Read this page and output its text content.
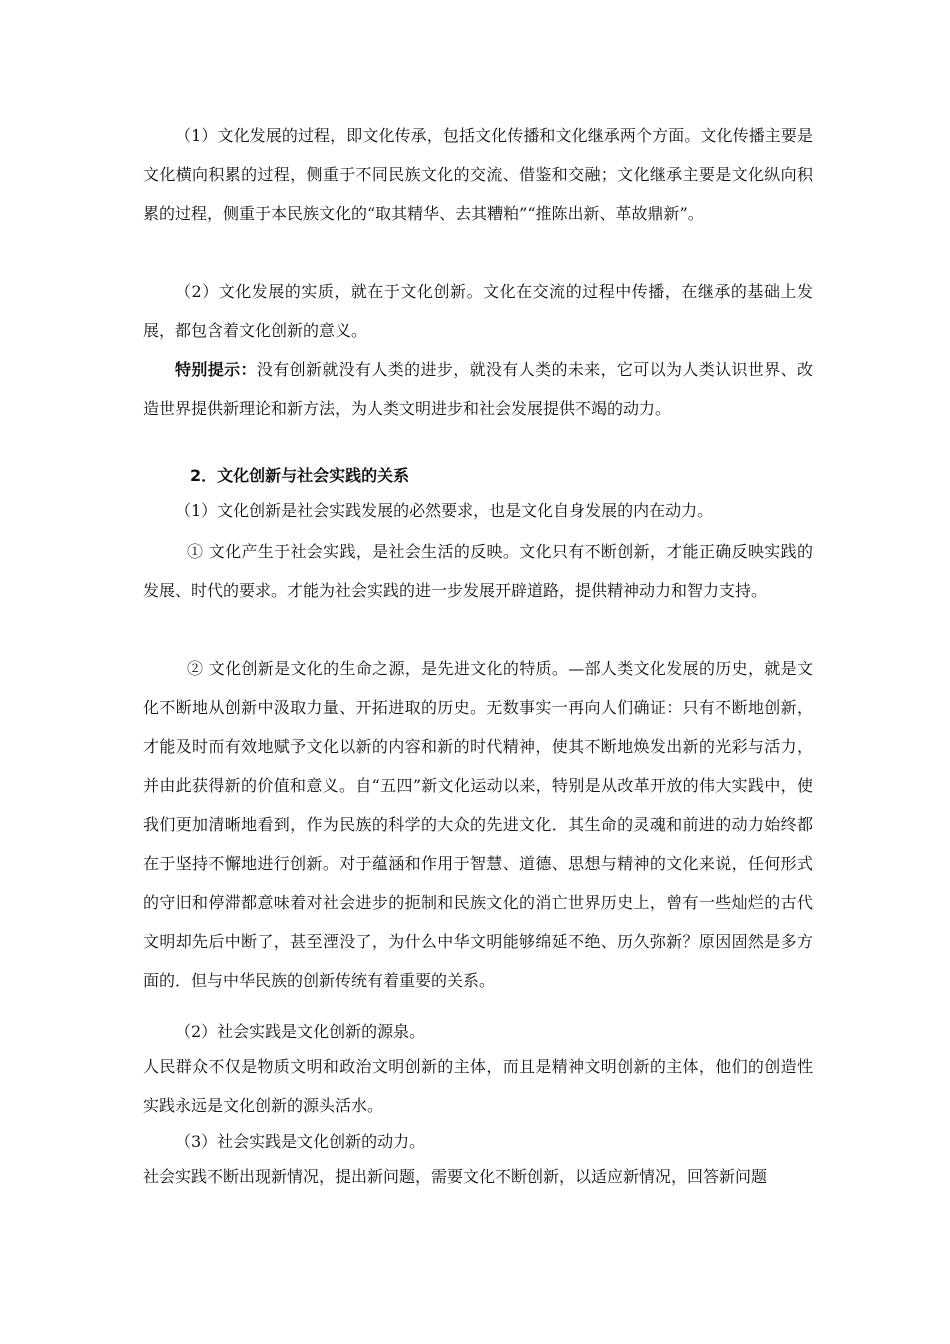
（1）文化发展的过程，即文化传承，包括文化传播和文化继承两个方面。文化传播主要是文化横向积累的过程，侧重于不同民族文化的交流、借鉴和交融；文化继承主要是文化纵向积累的过程，侧重于本民族文化的“取其精华、去其糟粕”“推陈出新、革故鼎新”。

（2）文化发展的实质，就在于文化创新。文化在交流的过程中传播，在继承的基础上发展，都包含着文化创新的意义。

特别提示：没有创新就没有人类的进步，就没有人类的未来，它可以为人类认识世界、改造世界提供新理论和新方法，为人类文明进步和社会发展提供不竭的动力。

2．文化创新与社会实践的关系

（1）文化创新是社会实践发展的必然要求，也是文化自身发展的内在动力。

① 文化产生于社会实践，是社会生活的反映。文化只有不断创新，才能正确反映实践的发展、时代的要求。才能为社会实践的进一步发展开辟道路，提供精神动力和智力支持。

② 文化创新是文化的生命之源，是先进文化的特质。—部人类文化发展的历史，就是文化不断地从创新中汲取力量、开拓进取的历史。无数事实一再向人们确证：只有不断地创新，才能及时而有效地赋予文化以新的内容和新的时代精神，使其不断地焕发出新的光彩与活力，并由此获得新的价值和意义。自“五四”新文化运动以来，特别是从改革开放的伟大实践中，使我们更加清晰地看到，作为民族的科学的大众的先进文化．其生命的灵魂和前进的动力始终都在于坚持不懈地进行创新。对于蕴涵和作用于智慧、道德、思想与精神的文化来说，任何形式的守旧和停滞都意味着对社会进步的扼制和民族文化的消亡世界历史上，曾有一些灿烂的古代文明却先后中断了，甚至湮没了，为什么中华文明能够绵延不绝、历久弥新？原因固然是多方面的．但与中华民族的创新传统有着重要的关系。

（2）社会实践是文化创新的源泉。

人民群众不仅是物质文明和政治文明创新的主体，而且是精神文明创新的主体，他们的创造性实践永远是文化创新的源头活水。

（3）社会实践是文化创新的动力。

社会实践不断出现新情况，提出新问题，需要文化不断创新，以适应新情况，回答新问题
